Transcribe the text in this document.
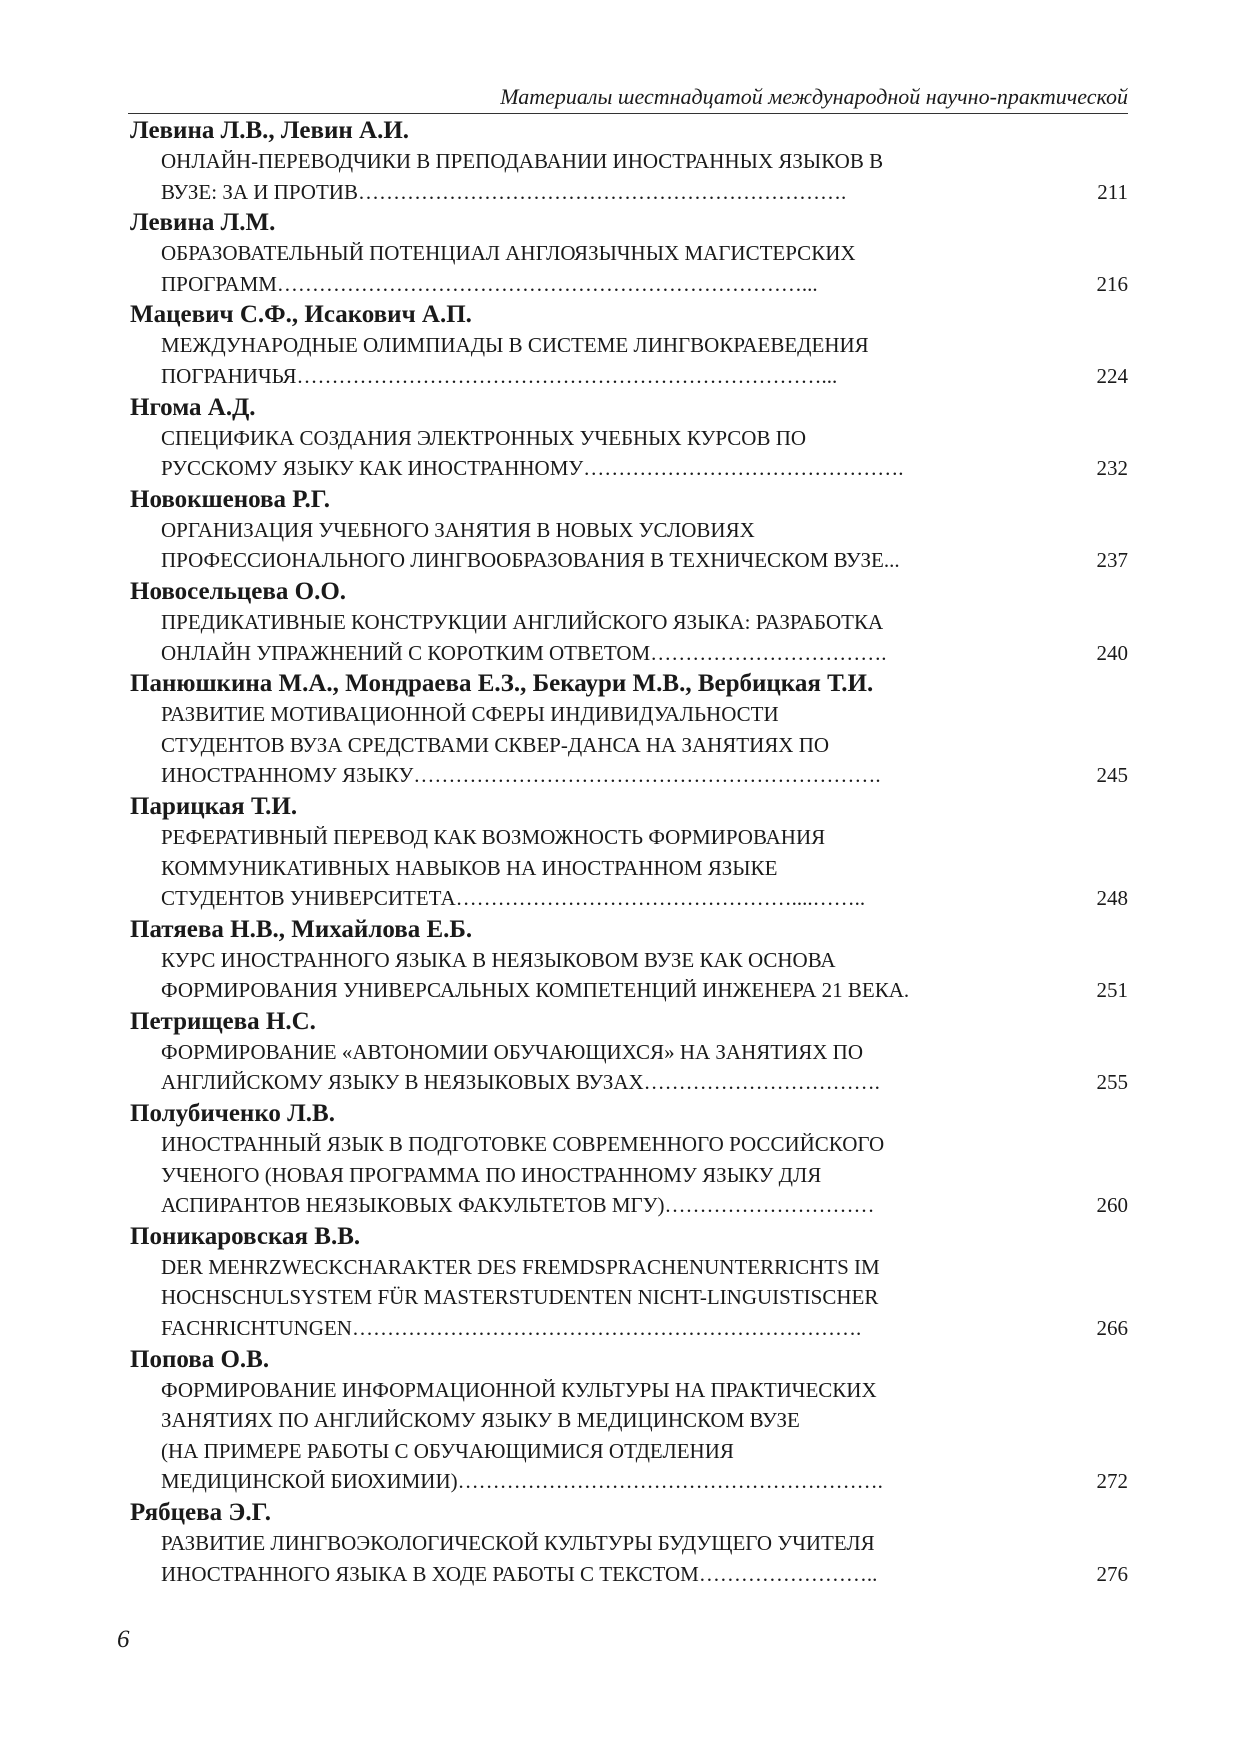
Материалы шестнадцатой международной научно-практической
Левина Л.В., Левин А.И.
ОНЛАЙН-ПЕРЕВОДЧИКИ В ПРЕПОДАВАНИИ ИНОСТРАННЫХ ЯЗЫКОВ В
ВУЗЕ: ЗА И ПРОТИВ…………………………………………………………….	211
Левина Л.М.
ОБРАЗОВАТЕЛЬНЫЙ ПОТЕНЦИАЛ АНГЛОЯЗЫЧНЫХ МАГИСТЕРСКИХ
ПРОГРАММ…………………………………………………………………...	216
Мацевич С.Ф., Исакович А.П.
МЕЖДУНАРОДНЫЕ ОЛИМПИАДЫ В СИСТЕМЕ ЛИНГВОКРАЕВЕДЕНИЯ
ПОГРАНИЧЬЯ…………………………………………………………………...	224
Нгома А.Д.
СПЕЦИФИКА СОЗДАНИЯ ЭЛЕКТРОННЫХ УЧЕБНЫХ КУРСОВ ПО
РУССКОМУ ЯЗЫКУ КАК ИНОСТРАННОМУ……………………………………….	232
Новокшенова Р.Г.
ОРГАНИЗАЦИЯ УЧЕБНОГО ЗАНЯТИЯ В НОВЫХ УСЛОВИЯХ
ПРОФЕССИОНАЛЬНОГО ЛИНГВООБРАЗОВАНИЯ В ТЕХНИЧЕСКОМ ВУЗЕ...	237
Новосельцева О.О.
ПРЕДИКАТИВНЫЕ КОНСТРУКЦИИ АНГЛИЙСКОГО ЯЗЫКА: РАЗРАБОТКА
ОНЛАЙН УПРАЖНЕНИЙ С КОРОТКИМ ОТВЕТОМ…………………………….	240
Панюшкина М.А., Мондраева Е.З., Бекаури М.В., Вербицкая Т.И.
РАЗВИТИЕ МОТИВАЦИОННОЙ СФЕРЫ ИНДИВИДУАЛЬНОСТИ
СТУДЕНТОВ ВУЗА СРЕДСТВАМИ СКВЕР-ДАНСА НА ЗАНЯТИЯХ ПО
ИНОСТРАННОМУ ЯЗЫКУ………………………………………………………….	245
Парицкая Т.И.
РЕФЕРАТИВНЫЙ ПЕРЕВОД КАК ВОЗМОЖНОСТЬ ФОРМИРОВАНИЯ
КОММУНИКАТИВНЫХ НАВЫКОВ НА ИНОСТРАННОМ ЯЗЫКЕ
СТУДЕНТОВ УНИВЕРСИТЕТА…………………………………………....……..	248
Патяева Н.В., Михайлова Е.Б.
КУРС ИНОСТРАННОГО ЯЗЫКА В НЕЯЗЫКОВОМ ВУЗЕ КАК ОСНОВА
ФОРМИРОВАНИЯ УНИВЕРСАЛЬНЫХ КОМПЕТЕНЦИЙ ИНЖЕНЕРА 21 ВЕКА.	251
Петрищева Н.С.
ФОРМИРОВАНИЕ «АВТОНОМИИ ОБУЧАЮЩИХСЯ» НА ЗАНЯТИЯХ ПО
АНГЛИЙСКОМУ ЯЗЫКУ В НЕЯЗЫКОВЫХ ВУЗАХ…………………………….	255
Полубиченко Л.В.
ИНОСТРАННЫЙ ЯЗЫК В ПОДГОТОВКЕ СОВРЕМЕННОГО РОССИЙСКОГО
УЧЕНОГО (НОВАЯ ПРОГРАММА ПО ИНОСТРАННОМУ ЯЗЫКУ ДЛЯ
АСПИРАНТОВ НЕЯЗЫКОВЫХ ФАКУЛЬТЕТОВ МГУ)…………………………	260
Поникаровская В.В.
DER MEHRZWECKCHARAKTER DES FREMDSPRACHENUNTERRICHTS IM
HOCHSCHULSYSTEM FÜR MASTERSTUDENTEN NICHT-LINGUISTISCHER
FACHRICHTUNGEN……………………………………………………………….	266
Попова О.В.
ФОРМИРОВАНИЕ ИНФОРМАЦИОННОЙ КУЛЬТУРЫ НА ПРАКТИЧЕСКИХ
ЗАНЯТИЯХ ПО АНГЛИЙСКОМУ ЯЗЫКУ В МЕДИЦИНСКОМ ВУЗЕ
(НА ПРИМЕРЕ РАБОТЫ С ОБУЧАЮЩИМИСЯ ОТДЕЛЕНИЯ
МЕДИЦИНСКОЙ БИОХИМИИ)…………………………………………………….	272
Рябцева Э.Г.
РАЗВИТИЕ ЛИНГВОЭКОЛОГИЧЕСКОЙ КУЛЬТУРЫ БУДУЩЕГО УЧИТЕЛЯ
ИНОСТРАННОГО ЯЗЫКА В ХОДЕ РАБОТЫ С ТЕКСТОМ……………………..	276
6
